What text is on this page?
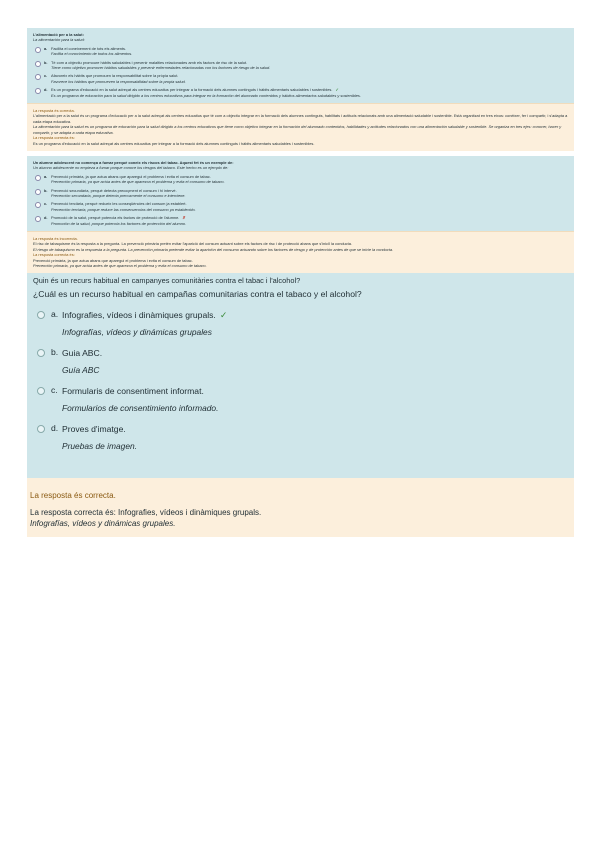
L'alimentació per a la salut:
La alimentación para la salud:
a. Facilita el coneixement de tots els aliments.
Facilita el conocimiento de todos los alimentos.
b. Té com a objectiu promoure hàbits saludables i prevenir malalties relacionades amb els factors de risc de la salut.
Tiene como objetivo promover hábitos saludables y prevenir enfermedades relacionadas con los factores de riesgo de la salud.
c. Afavoreix els hàbits que promouen la responsabilitat sobre la pròpia salut.
Favorece los hábitos que promueven la responsabilidad sobre la propia salud.
d. Es un programa d'educació en la salut adreçat als centres educatius per integrar a la formació dels alumnes continguts i hàbits alimentaris saludables i sostenibles. ✓
Es un programa de educación para la salud dirigido a los centros educativos para integrar en la formación del alumnado contenidos y hábitos alimentarios saludables y sostenibles.
La resposta és correcta.
L'alimentació per a la salut és un programa d'educació per a la salut adreçat als centres educatius que té com a objectiu integrar en la formació dels alumnes continguts, habilitats i actituds relacionats amb una alimentació saludable i sostenible. Està organitzat en tres eixos: conèixer, fer i compartir, i s'adapta a cada etapa educativa.
La alimentación para la salud es un programa de educación para la salud dirigido a los centros educativos que tiene como objetivo integrar en la formación del alumnado contenidos, habilidades y actitudes relacionados con una alimentación saludable y sostenible. Se organiza en tres ejes: conocer, hacer y compartir, y se adapta a cada etapa educativa.
La resposta correcta és:
Es un programa d'educació en la salut adreçat als centres educatius per integrar a la formació dels alumnes continguts i hàbits alimentaris saludables i sostenibles.
Un alumne adolescent no comença a fumar perquè coneix els riscos del tabac. Aquest fet és un exemple de:
Un alumno adolescente no empieza a fumar porque conoce los riesgos del tabaco. Este hecho es un ejemplo de:
a. Prevenció primària, ja que actua abans que aparegui el problema i evita el consum de tabac.
Prevención primaria, ya que actúa antes de que aparezca el problema y evita el consumo de tabaco.
b. Prevenció secundària, perquè detecta precoçment el consum i hi intervé.
Prevención secundaria, porque detecta precozmente el consumo e interviene.
c. Prevenció terciària, perquè redueix les conseqüències del consum ja establert.
Prevención terciaria, porque reduce las consecuencias del consumo ya establecido.
d. Promoció de la salut, perquè potencia els factors de protecció de l'alumne. ✗
Promoción de la salud, porque potencia los factores de protección del alumno.
La resposta és incorrecta.
El risc de tabaquisme és la resposta a la pregunta. La prevenció primària pretén evitar l'aparició del consum actuant sobre els factors de risc i de protecció abans que s'iniciï la conducta.
El riesgo de tabaquismo es la respuesta a la pregunta. La prevención primaria pretende evitar la aparición del consumo actuando sobre los factores de riesgo y de protección antes de que se inicie la conducta.
La resposta correcta és:
Prevenció primària, ja que actua abans que aparegui el problema i evita el consum de tabac.
Prevención primaria, ya que actúa antes de que aparezca el problema y evita el consumo de tabaco.
Quin és un recurs habitual en campanyes comunitàries contra el tabac i l'alcohol?
¿Cuál es un recurso habitual en campañas comunitarias contra el tabaco y el alcohol?
a. Infografies, vídeos i dinàmiques grupals. ✓
Infografías, vídeos y dinámicas grupales
b. Guia ABC.
Guía ABC
c. Formularis de consentiment informat.
Formularios de consentimiento informado.
d. Proves d'imatge.
Pruebas de imagen.
La resposta és correcta.
La resposta correcta és: Infografies, vídeos i dinàmiques grupals.
Infografías, vídeos y dinámicas grupales.
